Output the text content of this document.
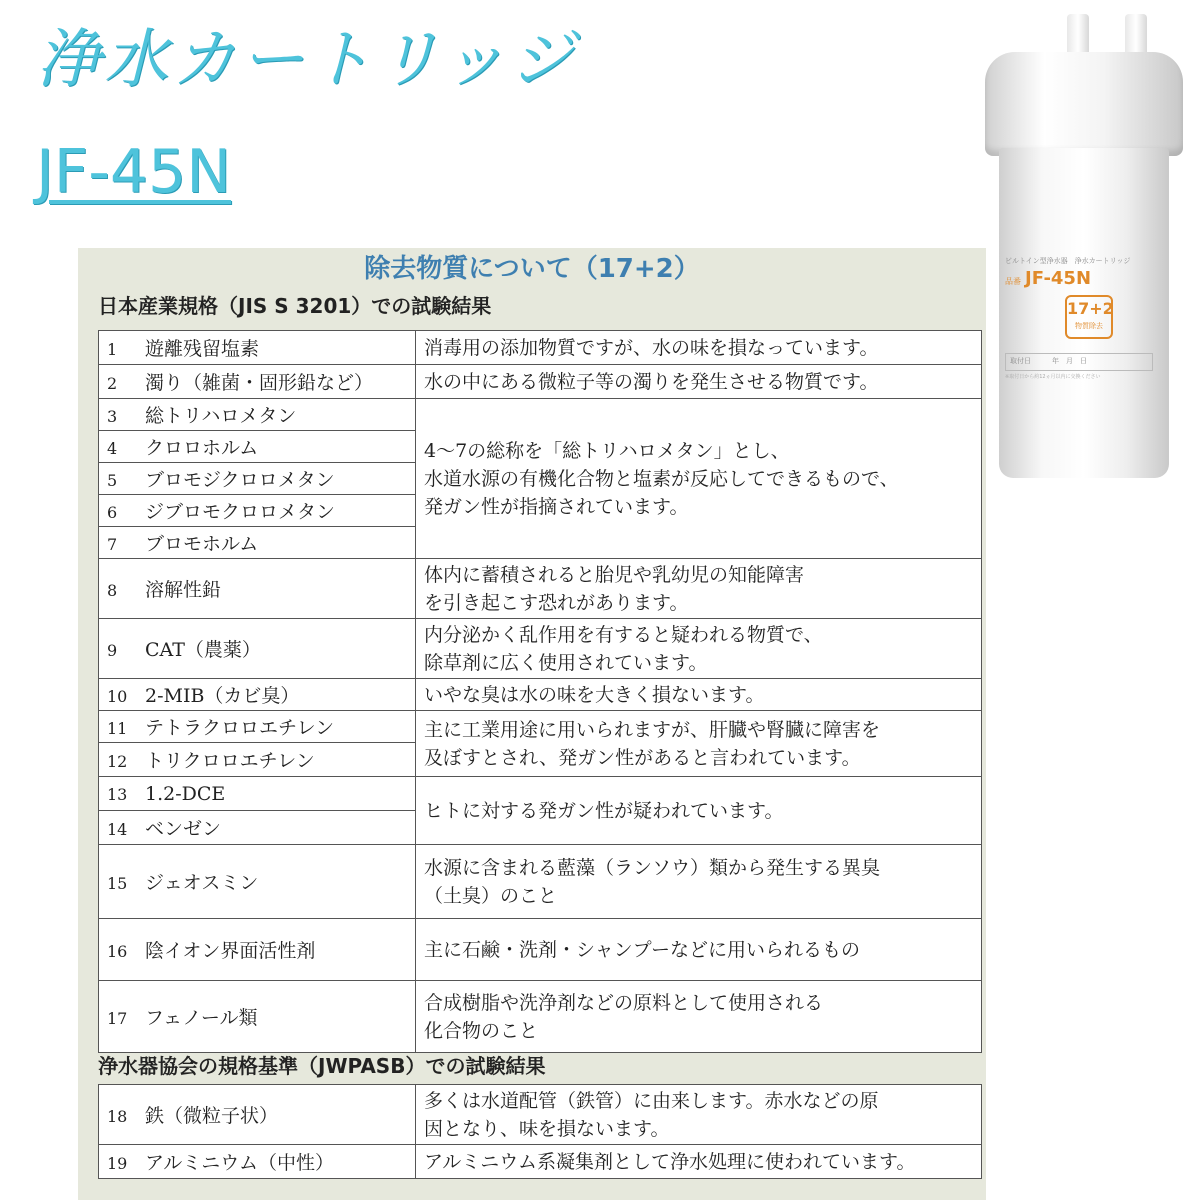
浄水カートリッジ
JF-45N
ビルトイン型浄水器　浄水カートリッジ
品番 JF-45N
17+2
物質除去
取付日　　　年　月　日
※取付日から約12ヵ月以内に交換ください
除去物質について（17+2）
日本産業規格（JIS S 3201）での試験結果
1 遊離残留塩素	消毒用の添加物質ですが、水の味を損なっています。
2 濁り（雑菌・固形鉛など）	水の中にある微粒子等の濁りを発生させる物質です。
3 総トリハロメタン	4～7の総称を「総トリハロメタン」とし、
水道水源の有機化合物と塩素が反応してできるもので、
発ガン性が指摘されています。
4 クロロホルム	
5 ブロモジクロロメタン	
6 ジブロモクロロメタン	
7 ブロモホルム	
8 溶解性鉛	体内に蓄積されると胎児や乳幼児の知能障害
を引き起こす恐れがあります。
9 CAT（農薬）	内分泌かく乱作用を有すると疑われる物質で、
除草剤に広く使用されています。
10 2-MIB（カビ臭）	いやな臭は水の味を大きく損ないます。
11 テトラクロロエチレン	主に工業用途に用いられますが、肝臓や腎臓に障害を
及ぼすとされ、発ガン性があると言われています。
12 トリクロロエチレン	
13 1.2-DCE	ヒトに対する発ガン性が疑われています。
14 ベンゼン	
15 ジェオスミン	水源に含まれる藍藻（ランソウ）類から発生する異臭
（土臭）のこと
16 陰イオン界面活性剤	主に石鹸・洗剤・シャンプーなどに用いられるもの
17 フェノール類	合成樹脂や洗浄剤などの原料として使用される
化合物のこと
浄水器協会の規格基準（JWPASB）での試験結果
18 鉄（微粒子状）	多くは水道配管（鉄管）に由来します。赤水などの原
因となり、味を損ないます。
19 アルミニウム（中性）	アルミニウム系凝集剤として浄水処理に使われています。
